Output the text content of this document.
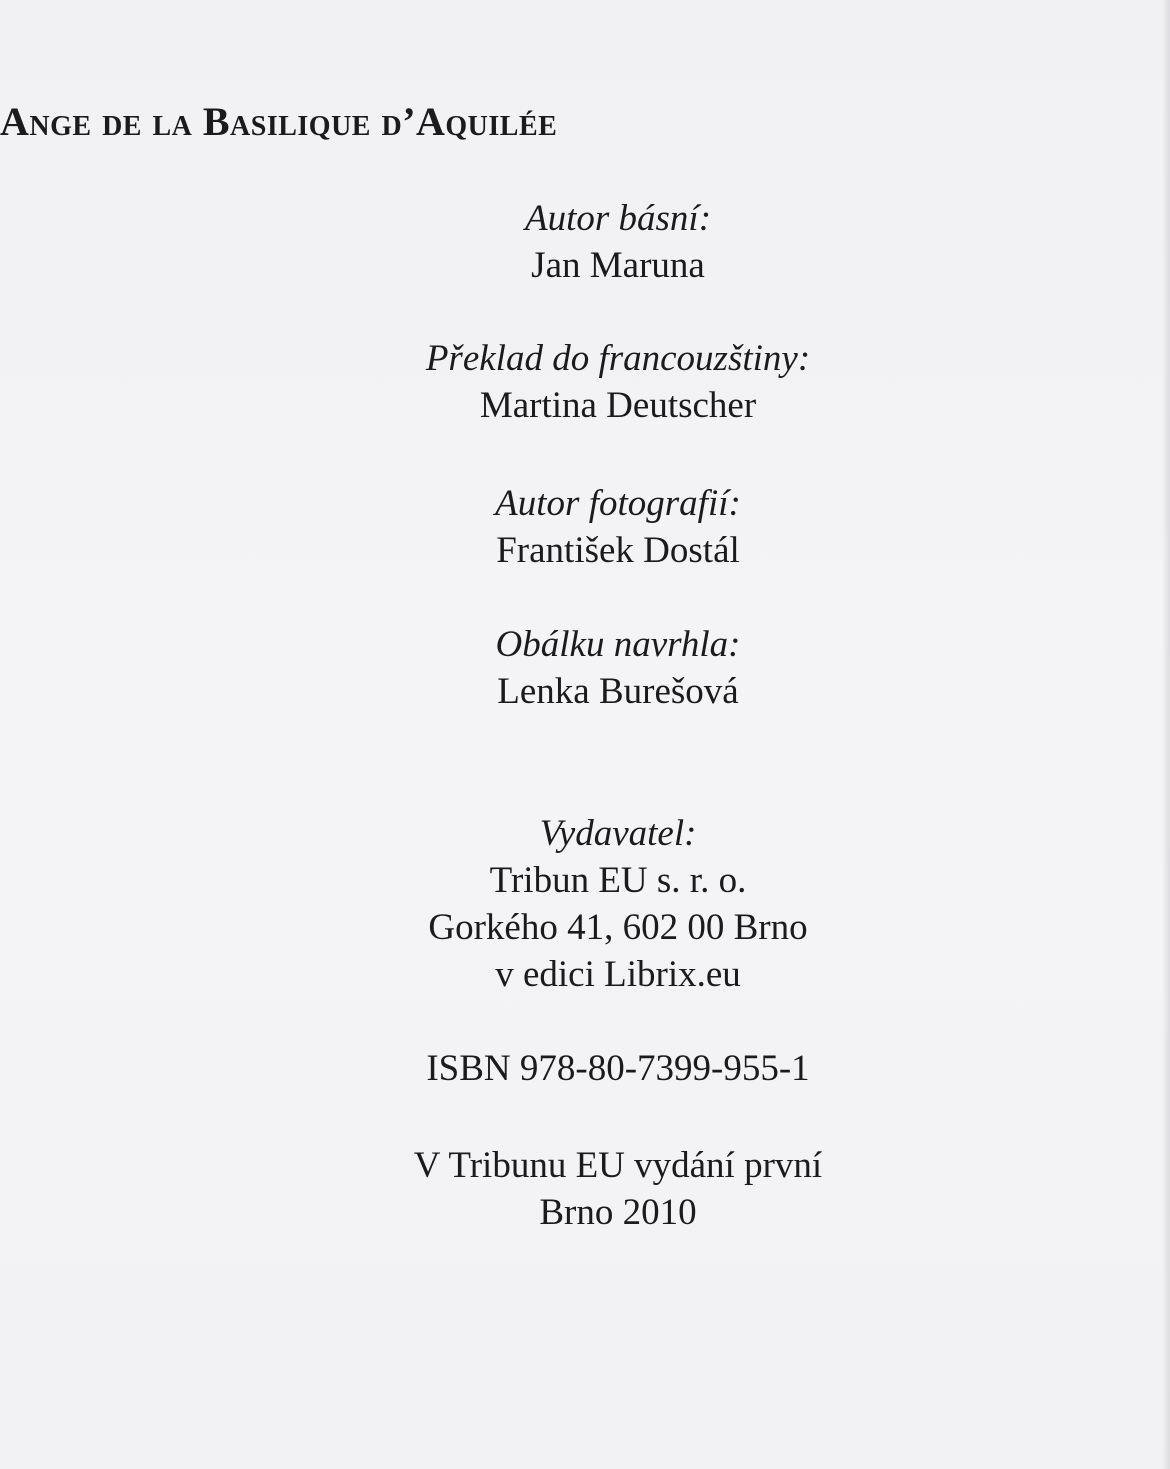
Ange de la Basilique d’Aquilée
Autor básní:
Jan Maruna
Překlad do francouzštiny:
Martina Deutscher
Autor fotografií:
František Dostál
Obálku navrhla:
Lenka Burešová
Vydavatel:
Tribun EU s. r. o.
Gorkého 41, 602 00 Brno
v edici Librix.eu
ISBN 978-80-7399-955-1
V Tribunu EU vydání první
Brno 2010
